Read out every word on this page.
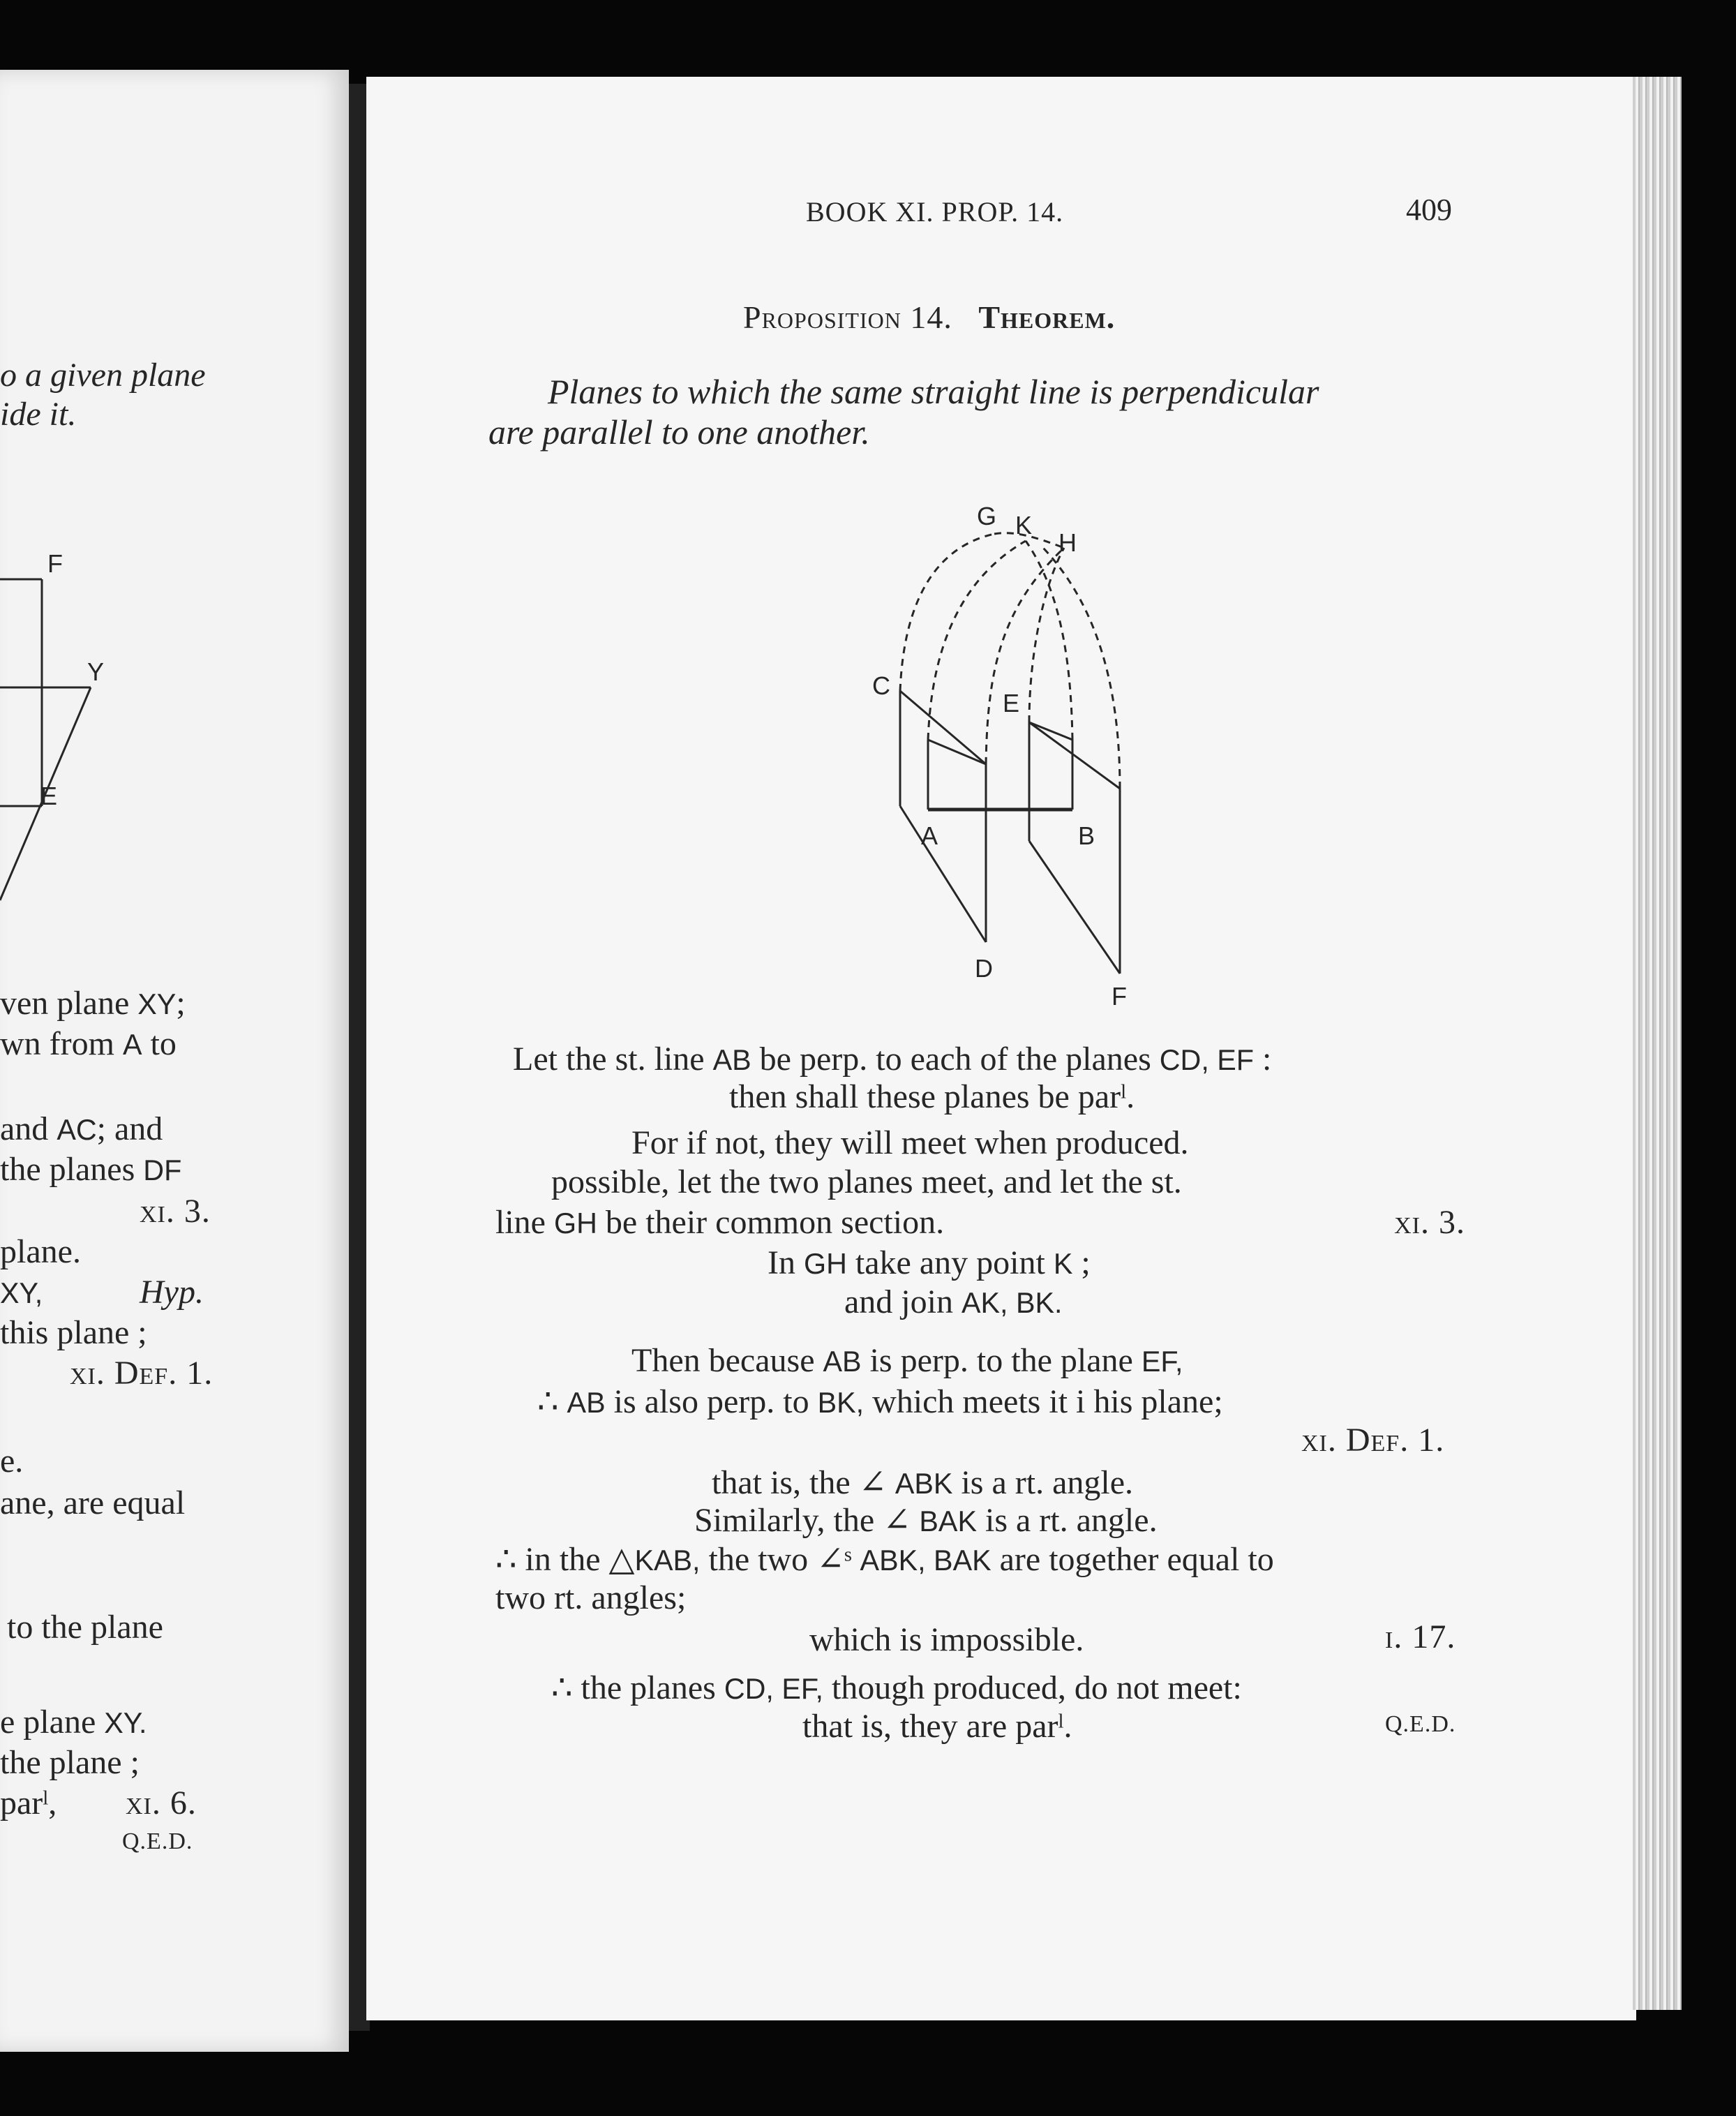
o a given plane
ide it.
F
Y
E
ven plane XY;
wn from A to
and AC; and
the planes DF
xi. 3.
plane.
XY,	Hyp.
this plane ;
xi. Def. 1.
e.
ane, are equal
to the plane
e plane XY.
the plane ;
parˡ, xi. 6.
Q.E.D.
BOOK XI. PROP. 14.	409
Proposition 14. Theorem.
Planes to which the same straight line is perpendicular
are parallel to one another.
G K
H
C
E
A	B
D
F
Let the st. line AB be perp. to each of the planes CD, EF :
then shall these planes be parˡ.
For if not, they will meet when produced.
possible, let the two planes meet, and let the st.
line GH be their common section.	xi. 3.
In GH take any point K ;
and join AK, BK.
Then because AB is perp. to the plane EF,
∴ AB is also perp. to BK, which meets it i his plane;
xi. Def. 1.
that is, the ∠ ABK is a rt. angle.
Similarly, the ∠ BAK is a rt. angle.
∴ in the △KAB, the two ∠ˢ ABK, BAK are together equal to
two rt. angles;
which is impossible.	i. 17.
∴ the planes CD, EF, though produced, do not meet:
that is, they are parˡ.	Q.E.D.
